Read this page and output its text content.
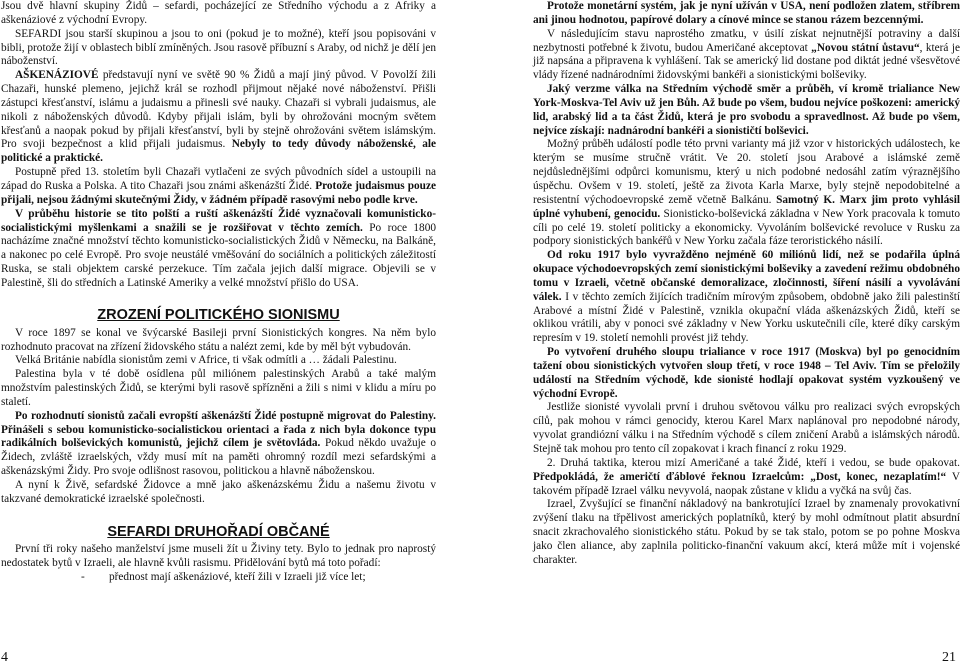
Jsou dvě hlavní skupiny Židů – sefardi, pocházející ze Středního východu a z Afriky a aškenáziové z východní Evropy.

SEFARDI jsou starší skupinou a jsou to oni (pokud je to možné), kteří jsou popisováni v bibli, protože žijí v oblastech biblí zmíněných. Jsou rasově příbuzní s Araby, od nichž je dělí jen náboženství.

AŠKENÁZIOVÉ představují nyní ve světě 90 % Židů a mají jiný původ. V Povolží žili Chazaři, hunské plemeno, jejichž král se rozhodl přijmout nějaké nové náboženství. Přišli zástupci křesťanství, islámu a judaismu a přinesli své nauky. Chazaři si vybrali judaismus, ale nikoli z náboženských důvodů. Kdyby přijali islám, byli by ohrožováni mocným světem křesťanů a naopak pokud by přijali křesťanství, byli by stejně ohrožováni světem islámským. Pro svoji bezpečnost a klid přijali judaismus. Nebyly to tedy důvody náboženské, ale politické a praktické.

Postupně před 13. stoletím byli Chazaři vytlačeni ze svých původních sídel a ustoupili na západ do Ruska a Polska. A tito Chazaři jsou známi aškenázští Židé. Protože judaismus pouze přijali, nejsou žádnými skutečnými Židy, v žádném případě rasovými nebo podle krve.

V průběhu historie se tito polští a ruští aškenázští Židé vyznačovali komunisticko-socialistickými myšlenkami a snažili se je rozšiřovat v těchto zemích. Po roce 1800 nacházíme značné množství těchto komunisticko-socialistických Židů v Německu, na Balkáně, a nakonec po celé Evropě. Pro svoje neustálé vměšování do sociálních a politických záležitostí Ruska, se stali objektem carské perzekuce. Tím začala jejich další migrace. Objevili se v Palestině, šli do středních a Latinské Ameriky a velké množství přišlo do USA.

ZROZENÍ POLITICKÉHO SIONISMU

V roce 1897 se konal ve švýcarské Basileji první Sionistických kongres. Na něm bylo rozhodnuto pracovat na zřízení židovského státu a nalézt zemi, kde by měl být vybudován.

Velká Británie nabídla sionistům zemi v Africe, ti však odmítli a … žádali Palestinu.

Palestina byla v té době osídlena půl miliónem palestinských Arabů a také malým množstvím palestinských Židů, se kterými byli rasově spřízněni a žili s nimi v klidu a míru po staletí.

Po rozhodnutí sionistů začali evropští aškenázští Židé postupně migrovat do Palestiny. Přinášeli s sebou komunisticko-socialistickou orientaci a řada z nich byla dokonce typu radikálních bolševických komunistů, jejichž cílem je světovláda. Pokud někdo uvažuje o Židech, zvláště izraelských, vždy musí mít na paměti ohromný rozdíl mezi sefardskými a aškenázskými Židy. Pro svoje odlišnost rasovou, politickou a hlavně náboženskou.

A nyní k Živě, sefardské Židovce a mně jako aškenázskému Židu a našemu životu v takzvané demokratické izraelské společnosti.

SEFARDI DRUHOŘADÍ OBČANÉ

První tři roky našeho manželství jsme museli žít u Živiny tety. Bylo to jednak pro naprostý nedostatek bytů v Izraeli, ale hlavně kvůli rasismu. Přidělování bytů má toto pořadí:

-	přednost mají aškenáziové, kteří žili v Izraeli již více let;

Protože monetární systém, jak je nyní užíván v USA, není podložen zlatem, stříbrem ani jinou hodnotou, papírové dolary a cínové mince se stanou rázem bezcennými.

V následujícím stavu naprostého zmatku, v úsilí získat nejnutnější potraviny a další nezbytnosti potřebné k životu, budou Američané akceptovat „Novou státní ůstavu“, která je již napsána a připravena k vyhlášení. Tak se americký lid dostane pod diktát jedné všesvětové vlády řízené nadnárodními židovskými bankéři a sionistickými bolševiky.

Jaký verzme válka na Středním východě směr a průběh, ví kromě trialiance New York-Moskva-Tel Aviv už jen Bůh. Až bude po všem, budou nejvíce poškozeni: americký lid, arabský lid a ta část Židů, která je pro svobodu a spravedlnost. Až bude po všem, nejvíce získají: nadnárodní bankéři a sionističtí bolševici.

Možný průběh událostí podle této prvni varianty má již vzor v historických událostech, ke kterým se musíme stručně vrátit. Ve 20. století jsou Arabové a islámské země nejdůslednějšími odpůrci komunismu, který u nich podobné nedosáhl zatím výraznějšího úspěchu. Ovšem v 19. století, ještě za života Karla Marxe, byly stejně nepodobitelné a resistentní východoevropské země včetně Balkánu. Samotný K. Marx jim proto vyhlásil úplné vyhubení, genocidu. Sionisticko-bolševická základna v New York pracovala k tomuto cíli po celé 19. století politicky a ekonomicky. Vyvoláním bolševické revoluce v Rusku za podpory sionistických bankéřů v New Yorku začala fáze teroristického násilí.

Od roku 1917 bylo vyvražděno nejméně 60 miliónů lidí, než se podařila úplná okupace východoevropských zemí sionistickými bolševiky a zavedení režimu obdobného tomu v Izraeli, včetně občanské demoralizace, zločinnosti, šíření násilí a vyvolávání válek. I v těchto zemích žijících tradičním mírovým způsobem, obdobně jako žili palestinští Arabové a místní Židé v Palestině, vznikla okupační vláda aškenázských Židů, kteří se oklikou vrátili, aby v ponoci své základny v New Yorku uskutečnili cíle, které díky carským represím v 19. století nemohli provést již tehdy.

Po vytvoření druhého sloupu trialiance v roce 1917 (Moskva) byl po genocidním tažení obou sionistických vytvořen sloup třetí, v roce 1948 – Tel Aviv. Tím se přeložily událostí na Středním východě, kde sionisté hodlají opakovat systém vyzkoušený ve východní Evropě.

Jestliže sionisté vyvolali první i druhou světovou válku pro realizaci svých evropských cílů, pak mohou v rámci genocidy, kterou Karel Marx naplánoval pro nepodobné národy, vyvolat grandiózní válku i na Středním východě s cílem zničení Arabů a islámských národů. Stejně tak mohou pro tento cíl zopakovat i krach financí z roku 1929.

2. Druhá taktika, kterou mizí Američané a také Židé, kteří i vedou, se bude opakovat. Předpokládá, že američtí ďáblové řeknou Izraelcům: „Dost, konec, nezaplatím!“ V takovém případě Izrael válku nevyvolá, naopak zůstane v klidu a vyčká na svůj čas.

Izrael, Zvyšující se finanční nákladový na bankrotující Izrael by znamenaly provokativní zvýšení tlaku na třpělivost amerických poplatníků, který by mohl odmítnout platit absurdní snacit zkrachovalého sionistického státu. Pokud by se tak stalo, potom se po pohne Moskva jako člen aliance, aby zaplnila politicko-finanční vakuum akcí, která může mít i vojenské charakter.

4	21
